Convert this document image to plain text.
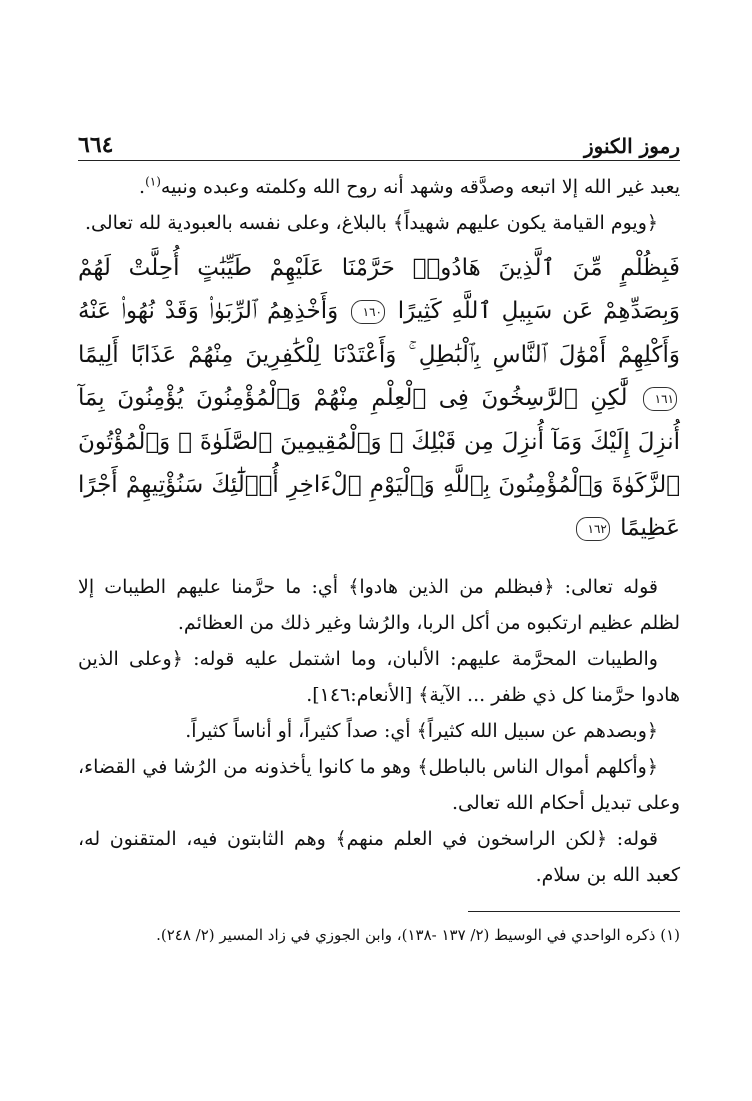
رموز الكنوز
٦٦٤

يعبد غير الله إلا اتبعه وصدَّقه وشهد أنه روح الله وكلمته وعبده ونبيه$^{(١)}$.

﴿ويوم القيامة يكون عليهم شهيداً﴾ بالبلاغ، وعلى نفسه بالعبودية لله تعالى.

فَبِظُلْمٍ مِّنَ ٱلَّذِينَ هَادُوا۟ حَرَّمْنَا عَلَيْهِمْ طَيِّبَٰتٍ أُحِلَّتْ لَهُمْ وَبِصَدِّهِمْ عَن سَبِيلِ ٱللَّهِ كَثِيرًا ١٦٠ وَأَخْذِهِمُ ٱلرِّبَوٰا۟ وَقَدْ نُهُوا۟ عَنْهُ وَأَكْلِهِمْ أَمْوَٰلَ ٱلنَّاسِ بِٱلْبَٰطِلِ ۚ وَأَعْتَدْنَا لِلْكَٰفِرِينَ مِنْهُمْ عَذَابًا أَلِيمًا ١٦١ لَّٰكِنِ ٱلرَّٰسِخُونَ فِى ٱلْعِلْمِ مِنْهُمْ وَٱلْمُؤْمِنُونَ يُؤْمِنُونَ بِمَآ أُنزِلَ إِلَيْكَ وَمَآ أُنزِلَ مِن قَبْلِكَ ۚ وَٱلْمُقِيمِينَ ٱلصَّلَوٰةَ ۚ وَٱلْمُؤْتُونَ ٱلزَّكَوٰةَ وَٱلْمُؤْمِنُونَ بِٱللَّهِ وَٱلْيَوْمِ ٱلْءَاخِرِ أُو۟لَٰٓئِكَ سَنُؤْتِيهِمْ أَجْرًا عَظِيمًا ١٦٢

قوله تعالى: ﴿فبظلم من الذين هادوا﴾ أي: ما حرَّمنا عليهم الطيبات إلا لظلم عظيم ارتكبوه من أكل الربا، والرُشا وغير ذلك من العظائم.

والطيبات المحرَّمة عليهم: الألبان، وما اشتمل عليه قوله: ﴿وعلى الذين هادوا حرَّمنا كل ذي ظفر ... الآية﴾ [الأنعام:١٤٦].

﴿وبصدهم عن سبيل الله كثيراً﴾ أي: صداً كثيراً، أو أناساً كثيراً.

﴿وأكلهم أموال الناس بالباطل﴾ وهو ما كانوا يأخذونه من الرُشا في القضاء، وعلى تبديل أحكام الله تعالى.

قوله: ﴿لكن الراسخون في العلم منهم﴾ وهم الثابتون فيه، المتقنون له، كعبد الله بن سلام.

(١) ذكره الواحدي في الوسيط (٢/ ١٣٧ -١٣٨)، وابن الجوزي في زاد المسير (٢/ ٢٤٨).
